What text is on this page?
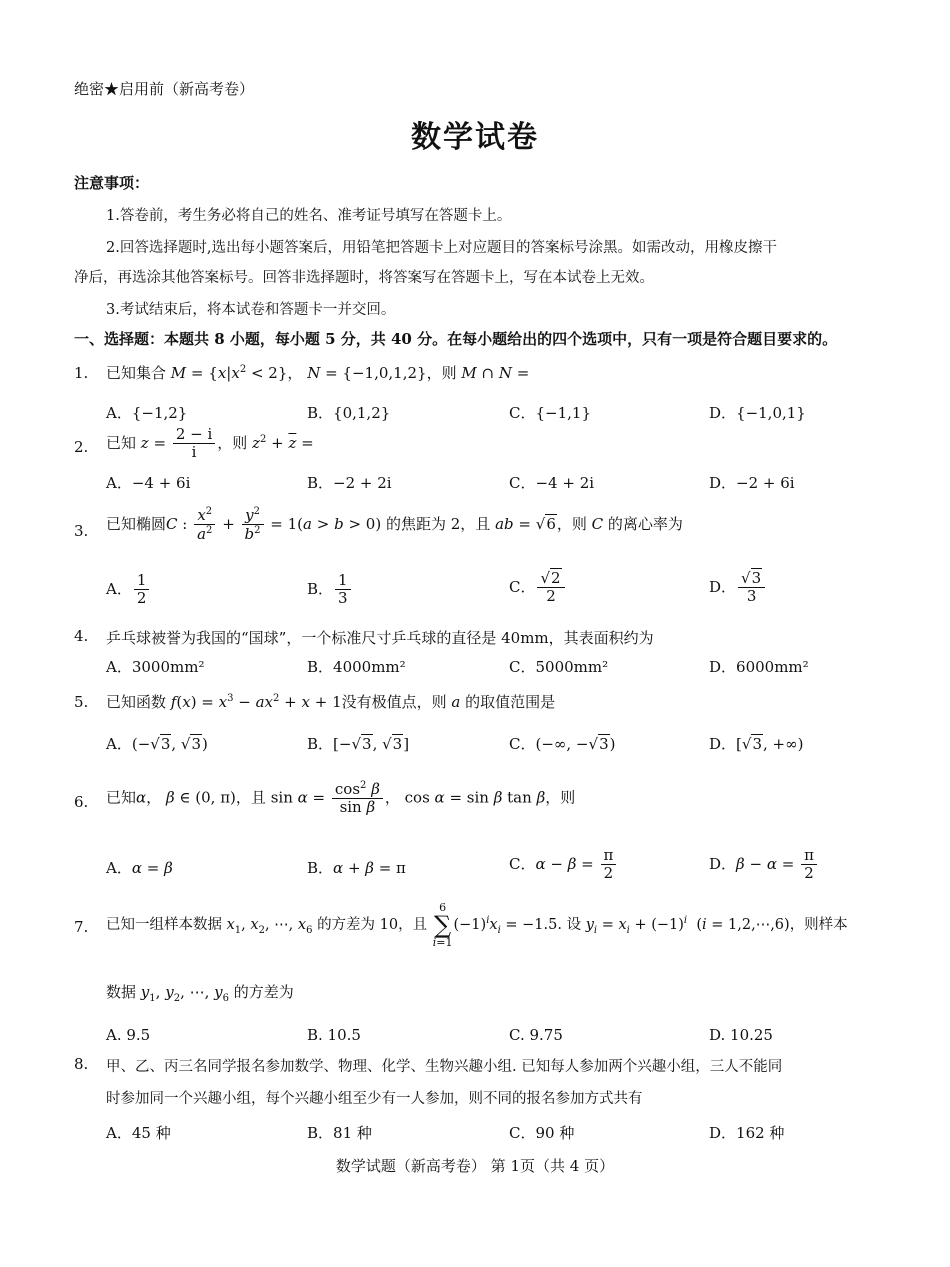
绝密★启用前（新高考卷）
数学试卷
注意事项：
1.答卷前，考生务必将自己的姓名、准考证号填写在答题卡上。
2.回答选择题时,选出每小题答案后，用铅笔把答题卡上对应题目的答案标号涂黑。如需改动，用橡皮擦干
净后，再选涂其他答案标号。回答非选择题时，将答案写在答题卡上，写在本试卷上无效。
3.考试结束后，将本试卷和答题卡一并交回。
一、选择题：本题共 8 小题，每小题 5 分，共 40 分。在每小题给出的四个选项中，只有一项是符合题目要求的。
1. 已知集合 $M = \{x|x^2 < 2\}$， N = {−1,0,1,2}，则 M ∩ N =
A．{−1,2}	B．{0,1,2}	C．{−1,1}	D．{−1,0,1}
2. 已知 $z = \frac{2 - i}{i}$ ，则 $z^2 + \overline{z}$ =
A．−4 + 6i	B．−2 + 2i	C．−4 + 2i	D．−2 + 6i
3. 已知椭圆C : $\frac{x^2}{a^2} + \frac{y^2}{b^2} = 1(a > b > 0)$ 的焦距为 2，且 ab = √6，则 C 的离心率为
A． $\frac{1}{2}$	B． $\frac{1}{3}$	C． $\frac{√2}{2}$	D． $\frac{√3}{3}$
4. 乒乓球被誉为我国的“国球”，一个标准尺寸乒乓球的直径是 40mm，其表面积约为
A．3000mm²	B．4000mm²	C．5000mm²	D．6000mm²
5. 已知函数 $f(x) = x^3 - ax^2 + x + 1$没有极值点，则 a 的取值范围是
A．(−√3, √3)	B．[−√3, √3]	C．(−∞, −√3)	D．[√3, +∞)
6. 已知α， β ∈ (0, π)，且 $\sin \alpha = \frac{\cos^2 \beta}{\text{sin β}}$ ， cos α = sin β tan β，则
A．α = β	B．α + β = π	C．$\alpha - \beta = \frac{\pi}{2}$	D．$\beta - \alpha = \frac{\pi}{2}$
7. 已知一组样本数据 $x_1$, $x_2$, ⋯, $x_6$ 的方差为 10，且 6
∑
$i=1(-1)^ix_i = -1.5$. 设 $y_i = x_i + (-1)^i$  (i = 1,2,⋯,6)，则样本
数据 $y_1$, $y_2$, ⋯, $y_6$ 的方差为
A. 9.5	B. 10.5	C. 9.75	D. 10.25
8. 甲、乙、丙三名同学报名参加数学、物理、化学、生物兴趣小组. 已知每人参加两个兴趣小组，三人不能同
时参加同一个兴趣小组，每个兴趣小组至少有一人参加，则不同的报名参加方式共有
A．45 种	B．81 种	C．90 种	D．162 种
数学试题（新高考卷） 第 1页（共 4 页）
